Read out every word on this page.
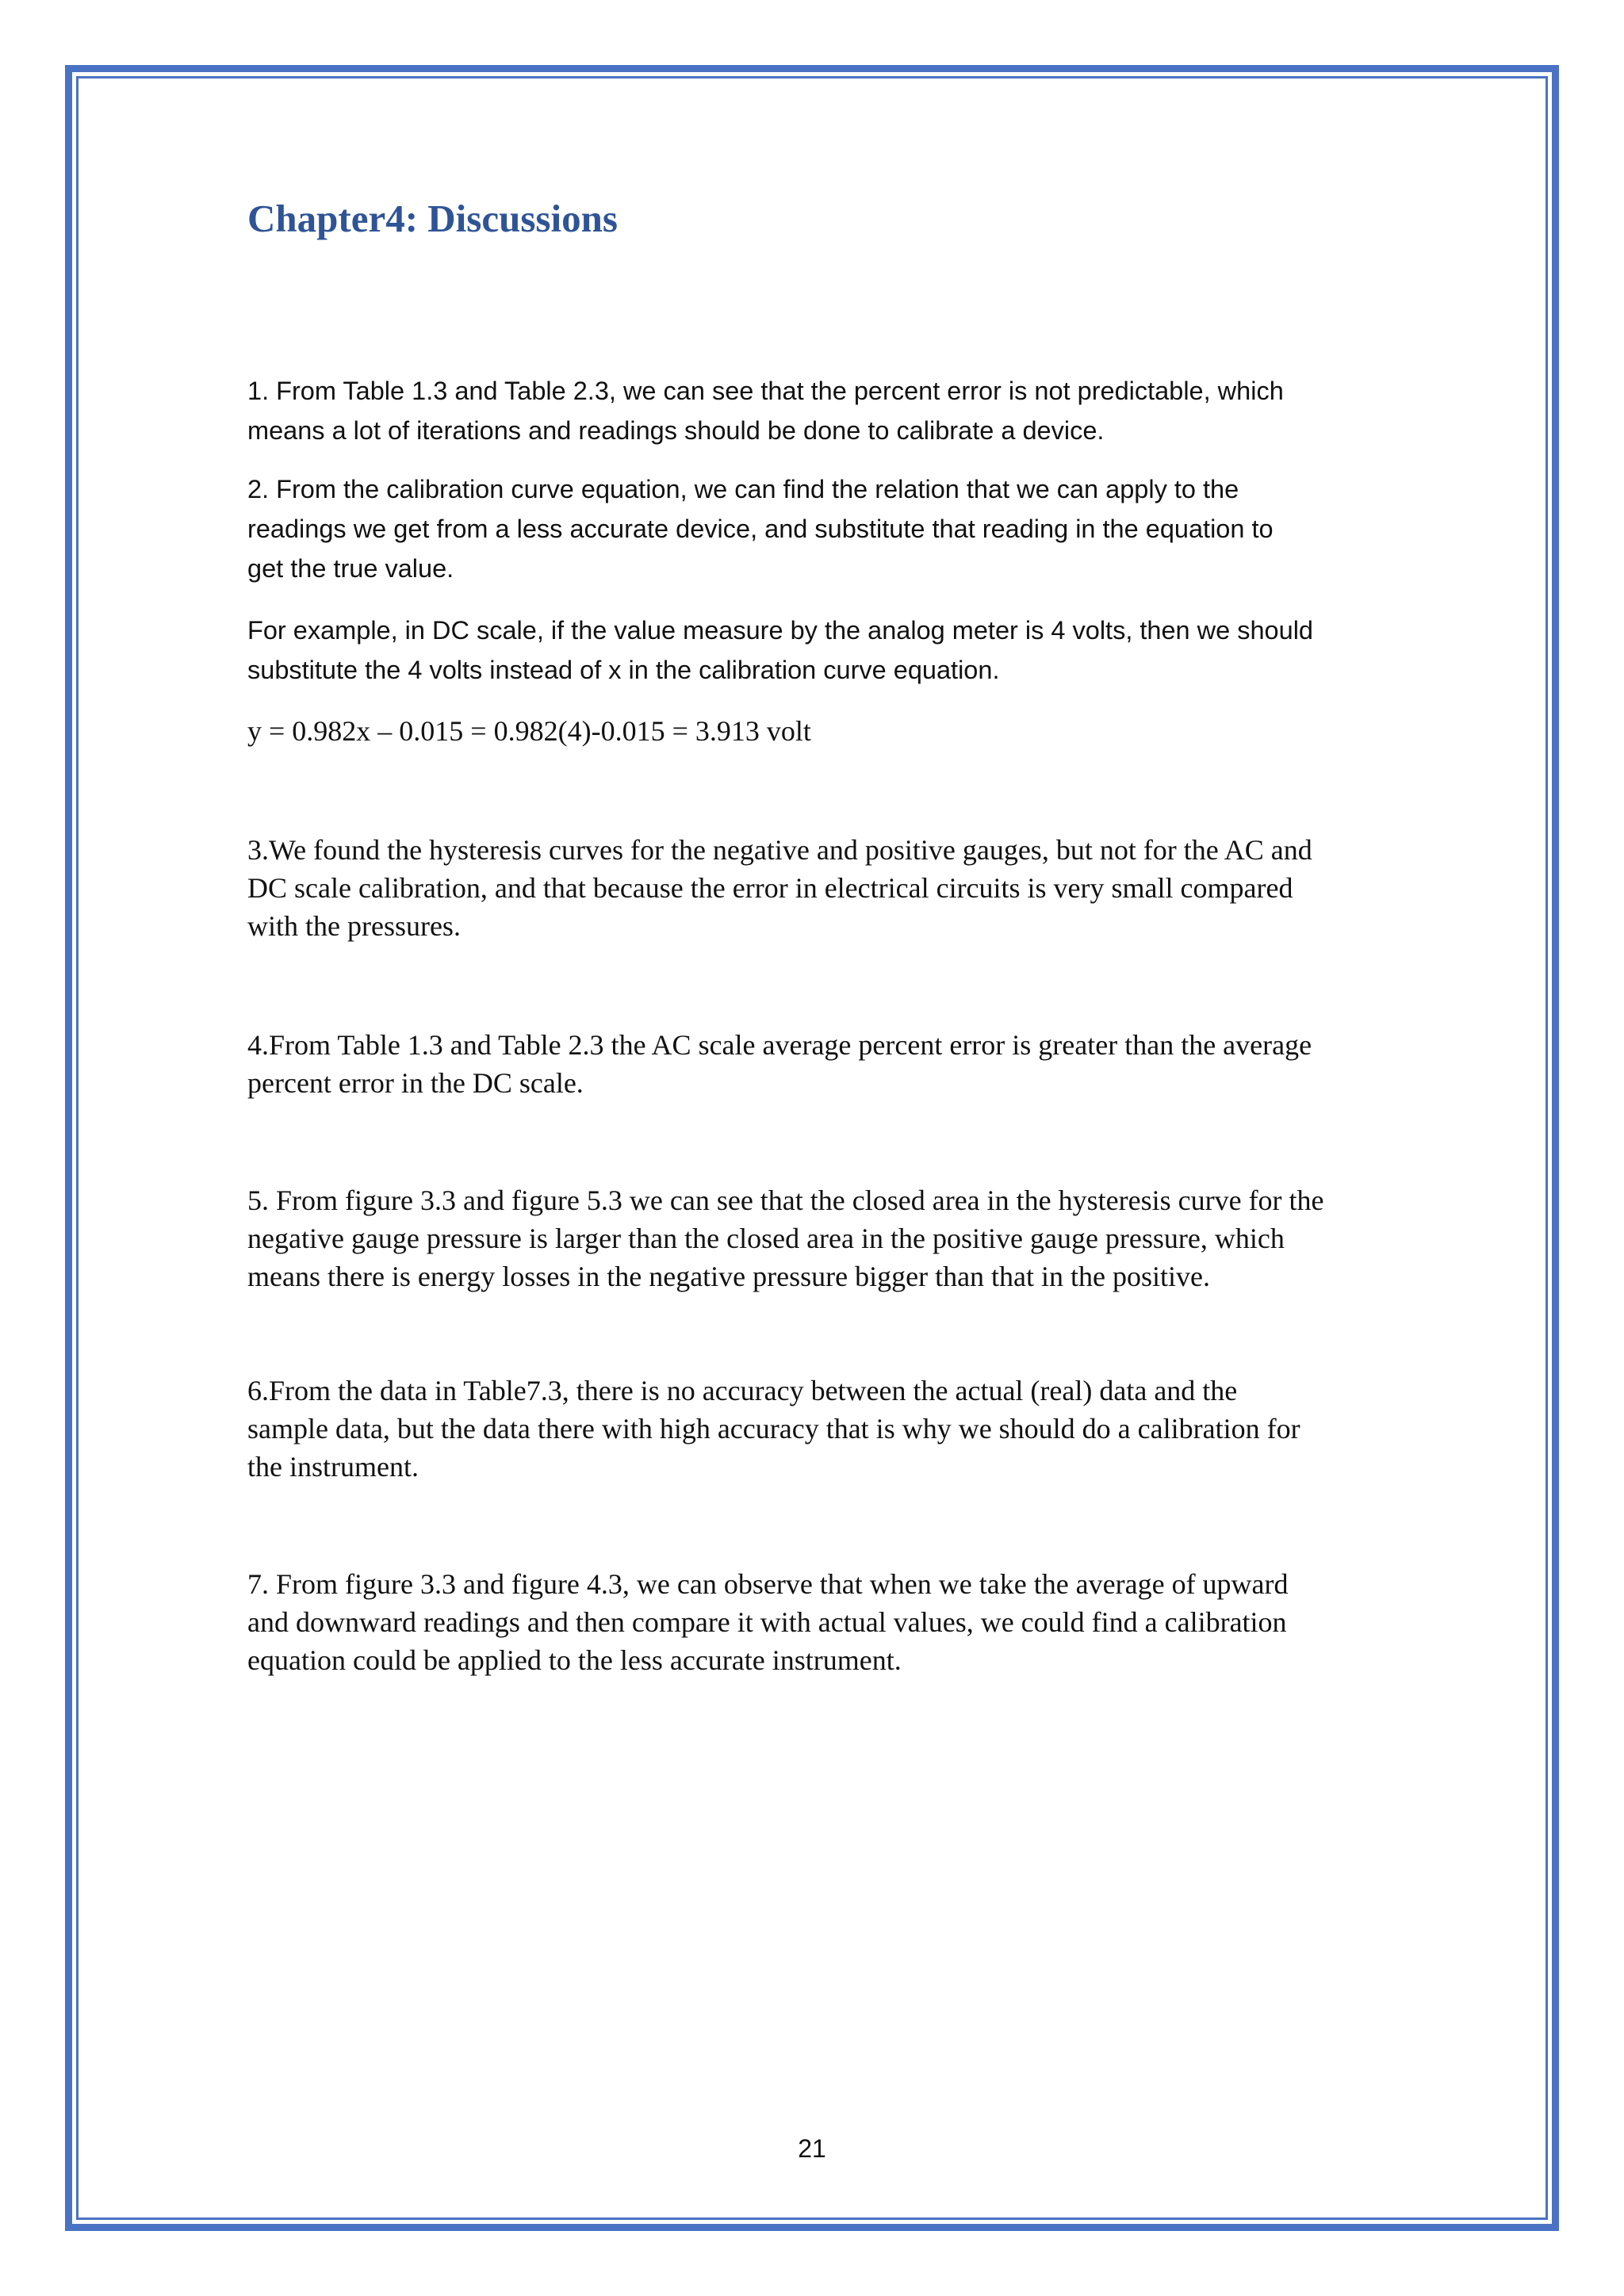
Chapter4: Discussions

1. From Table 1.3 and Table 2.3, we can see that the percent error is not predictable, which
means a lot of iterations and readings should be done to calibrate a device.

2. From the calibration curve equation, we can find the relation that we can apply to the
readings we get from a less accurate device, and substitute that reading in the equation to
get the true value.

For example, in DC scale, if the value measure by the analog meter is 4 volts, then we should
substitute the 4 volts instead of x in the calibration curve equation.

y = 0.982x – 0.015 = 0.982(4)-0.015 = 3.913 volt

3.We found the hysteresis curves for the negative and positive gauges, but not for the AC and
DC scale calibration, and that because the error in electrical circuits is very small compared
with the pressures.

4.From Table 1.3 and Table 2.3 the AC scale average percent error is greater than the average
percent error in the DC scale.

5. From figure 3.3 and figure 5.3 we can see that the closed area in the hysteresis curve for the
negative gauge pressure is larger than the closed area in the positive gauge pressure, which
means there is energy losses in the negative pressure bigger than that in the positive.

6.From the data in Table7.3, there is no accuracy between the actual (real) data and the
sample data, but the data there with high accuracy that is why we should do a calibration for
the instrument.

7. From figure 3.3 and figure 4.3, we can observe that when we take the average of upward
and downward readings and then compare it with actual values, we could find a calibration
equation could be applied to the less accurate instrument.

21
